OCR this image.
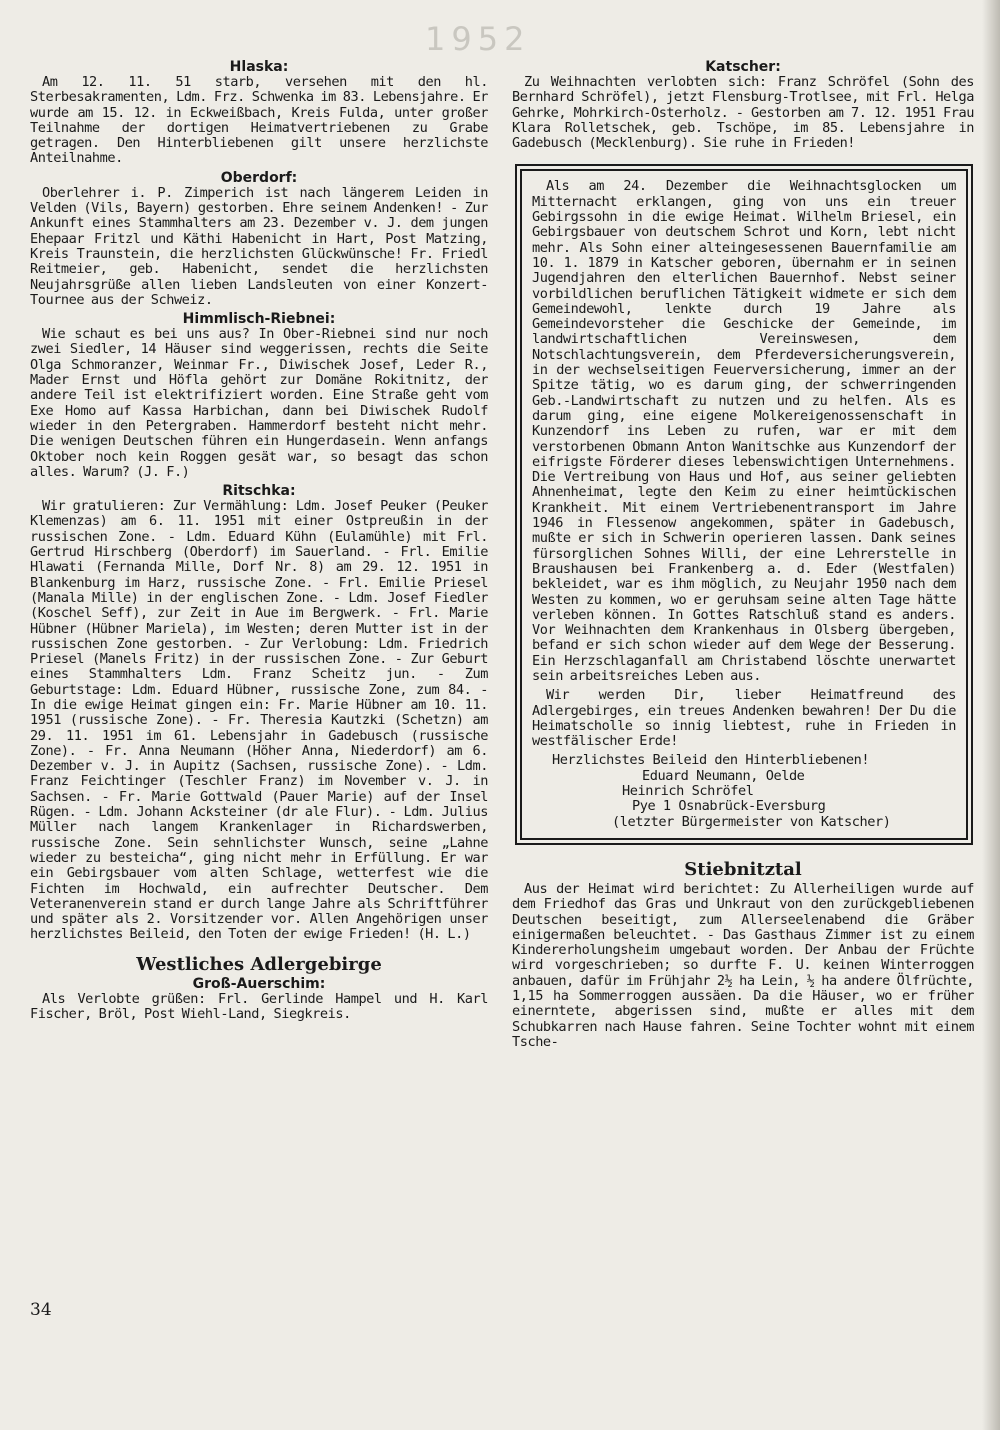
1952
Hlaska:

Am 12. 11. 51 starb, versehen mit den hl. Sterbesakramenten, Ldm. Frz. Schwenka im 83. Lebensjahre. Er wurde am 15. 12. in Eckweißbach, Kreis Fulda, unter großer Teilnahme der dortigen Heimatvertriebenen zu Grabe getragen. Den Hinterbliebenen gilt unsere herzlichste Anteilnahme.

Oberdorf:

Oberlehrer i. P. Zimperich ist nach längerem Leiden in Velden (Vils, Bayern) gestorben. Ehre seinem Andenken! - Zur Ankunft eines Stammhalters am 23. Dezember v. J. dem jungen Ehepaar Fritzl und Käthi Habenicht in Hart, Post Matzing, Kreis Traunstein, die herzlichsten Glückwünsche! Fr. Friedl Reitmeier, geb. Habenicht, sendet die herzlichsten Neujahrsgrüße allen lieben Landsleuten von einer Konzert-Tournee aus der Schweiz.

Himmlisch-Riebnei:

Wie schaut es bei uns aus? In Ober-Riebnei sind nur noch zwei Siedler, 14 Häuser sind weggerissen, rechts die Seite Olga Schmoranzer, Weinmar Fr., Diwischek Josef, Leder R., Mader Ernst und Höfla gehört zur Domäne Rokitnitz, der andere Teil ist elektrifiziert worden. Eine Straße geht vom Exe Homo auf Kassa Harbichan, dann bei Diwischek Rudolf wieder in den Petergraben. Hammerdorf besteht nicht mehr. Die wenigen Deutschen führen ein Hungerdasein. Wenn anfangs Oktober noch kein Roggen gesät war, so besagt das schon alles. Warum? (J. F.)

Ritschka:

Wir gratulieren: Zur Vermählung: Ldm. Josef Peuker (Peuker Klemenzas) am 6. 11. 1951 mit einer Ostpreußin in der russischen Zone. - Ldm. Eduard Kühn (Eulamühle) mit Frl. Gertrud Hirschberg (Oberdorf) im Sauerland. - Frl. Emilie Hlawati (Fernanda Mille, Dorf Nr. 8) am 29. 12. 1951 in Blankenburg im Harz, russische Zone. - Frl. Emilie Priesel (Manala Mille) in der englischen Zone. - Ldm. Josef Fiedler (Koschel Seff), zur Zeit in Aue im Bergwerk. - Frl. Marie Hübner (Hübner Mariela), im Westen; deren Mutter ist in der russischen Zone gestorben. - Zur Verlobung: Ldm. Friedrich Priesel (Manels Fritz) in der russischen Zone. - Zur Geburt eines Stammhalters Ldm. Franz Scheitz jun. - Zum Geburtstage: Ldm. Eduard Hübner, russische Zone, zum 84. - In die ewige Heimat gingen ein: Fr. Marie Hübner am 10. 11. 1951 (russische Zone). - Fr. Theresia Kautzki (Schetzn) am 29. 11. 1951 im 61. Lebensjahr in Gadebusch (russische Zone). - Fr. Anna Neumann (Höher Anna, Niederdorf) am 6. Dezember v. J. in Aupitz (Sachsen, russische Zone). - Ldm. Franz Feichtinger (Teschler Franz) im November v. J. in Sachsen. - Fr. Marie Gottwald (Pauer Marie) auf der Insel Rügen. - Ldm. Johann Acksteiner (dr ale Flur). - Ldm. Julius Müller nach langem Krankenlager in Richardswerben, russische Zone. Sein sehnlichster Wunsch, seine „Lahne wieder zu besteicha“, ging nicht mehr in Erfüllung. Er war ein Gebirgsbauer vom alten Schlage, wetterfest wie die Fichten im Hochwald, ein aufrechter Deutscher. Dem Veteranenverein stand er durch lange Jahre als Schriftführer und später als 2. Vorsitzender vor. Allen Angehörigen unser herzlichstes Beileid, den Toten der ewige Frieden! (H. L.)

Westliches Adlergebirge
Groß-Auerschim:

Als Verlobte grüßen: Frl. Gerlinde Hampel und H. Karl Fischer, Bröl, Post Wiehl-Land, Siegkreis.

Katscher:

Zu Weihnachten verlobten sich: Franz Schröfel (Sohn des Bernhard Schröfel), jetzt Flensburg-Trotlsee, mit Frl. Helga Gehrke, Mohrkirch-Osterholz. - Gestorben am 7. 12. 1951 Frau Klara Rolletschek, geb. Tschöpe, im 85. Lebensjahre in Gadebusch (Mecklenburg). Sie ruhe in Frieden!

Als am 24. Dezember die Weihnachtsglocken um Mitternacht erklangen, ging von uns ein treuer Gebirgssohn in die ewige Heimat. Wilhelm Briesel, ein Gebirgsbauer von deutschem Schrot und Korn, lebt nicht mehr. Als Sohn einer alteingesessenen Bauernfamilie am 10. 1. 1879 in Katscher geboren, übernahm er in seinen Jugendjahren den elterlichen Bauernhof. Nebst seiner vorbildlichen beruflichen Tätigkeit widmete er sich dem Gemeindewohl, lenkte durch 19 Jahre als Gemeindevorsteher die Geschicke der Gemeinde, im landwirtschaftlichen Vereinswesen, dem Notschlachtungsverein, dem Pferdeversicherungsverein, in der wechselseitigen Feuerversicherung, immer an der Spitze tätig, wo es darum ging, der schwerringenden Geb.-Landwirtschaft zu nutzen und zu helfen. Als es darum ging, eine eigene Molkereigenossenschaft in Kunzendorf ins Leben zu rufen, war er mit dem verstorbenen Obmann Anton Wanitschke aus Kunzendorf der eifrigste Förderer dieses lebenswichtigen Unternehmens. Die Vertreibung von Haus und Hof, aus seiner geliebten Ahnenheimat, legte den Keim zu einer heimtückischen Krankheit. Mit einem Vertriebenentransport im Jahre 1946 in Flessenow angekommen, später in Gadebusch, mußte er sich in Schwerin operieren lassen. Dank seines fürsorglichen Sohnes Willi, der eine Lehrerstelle in Braushausen bei Frankenberg a. d. Eder (Westfalen) bekleidet, war es ihm möglich, zu Neujahr 1950 nach dem Westen zu kommen, wo er geruhsam seine alten Tage hätte verleben können. In Gottes Ratschluß stand es anders. Vor Weihnachten dem Krankenhaus in Olsberg übergeben, befand er sich schon wieder auf dem Wege der Besserung. Ein Herzschlaganfall am Christabend löschte unerwartet sein arbeitsreiches Leben aus.

Wir werden Dir, lieber Heimatfreund des Adlergebirges, ein treues Andenken bewahren! Der Du die Heimatscholle so innig liebtest, ruhe in Frieden in westfälischer Erde!

Herzlichstes Beileid den Hinterbliebenen!
Eduard Neumann, Oelde
Heinrich Schröfel
Pye 1 Osnabrück-Eversburg
(letzter Bürgermeister von Katscher)
Stiebnitztal

Aus der Heimat wird berichtet: Zu Allerheiligen wurde auf dem Friedhof das Gras und Unkraut von den zurückgebliebenen Deutschen beseitigt, zum Allerseelenabend die Gräber einigermaßen beleuchtet. - Das Gasthaus Zimmer ist zu einem Kindererholungsheim umgebaut worden. Der Anbau der Früchte wird vorgeschrieben; so durfte F. U. keinen Winterroggen anbauen, dafür im Frühjahr 2½ ha Lein, ½ ha andere Ölfrüchte, 1,15 ha Sommerroggen aussäen. Da die Häuser, wo er früher einerntete, abgerissen sind, mußte er alles mit dem Schubkarren nach Hause fahren. Seine Tochter wohnt mit einem Tsche-

34
